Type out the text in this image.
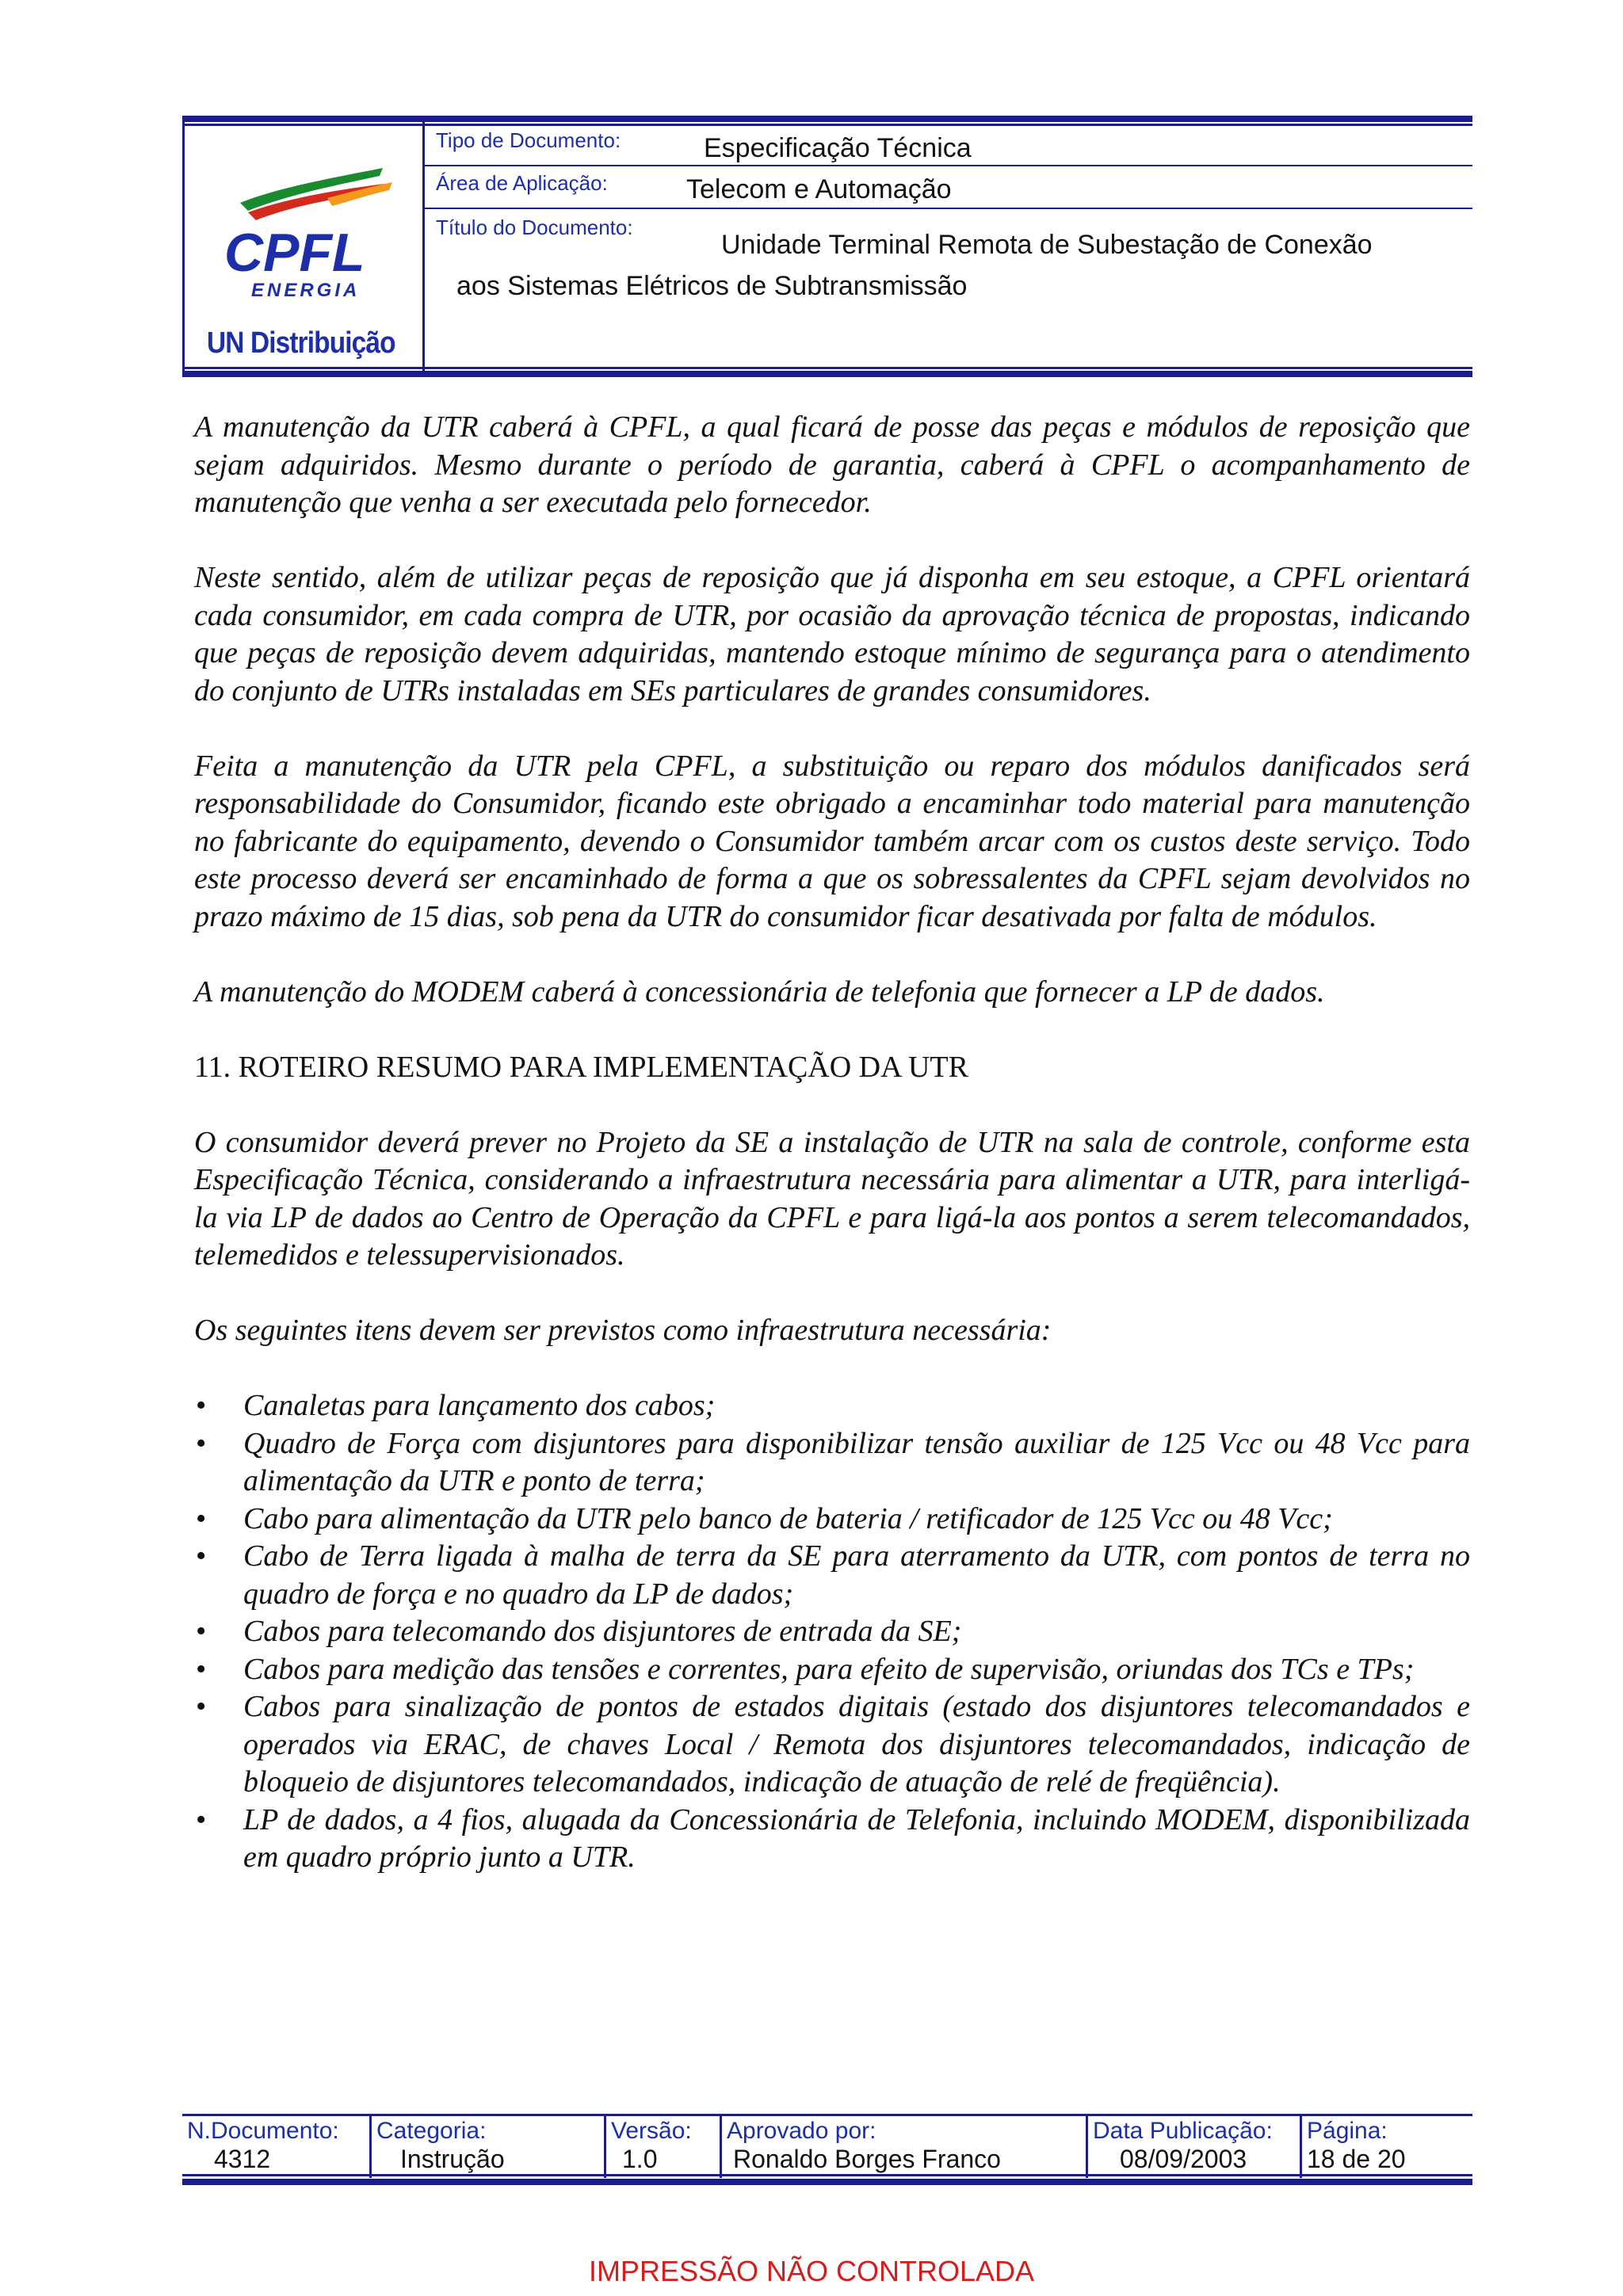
CPFL
ENERGIA
UN Distribuição
Tipo de Documento:	Especificação Técnica
Área de Aplicação:	Telecom e Automação
Título do Documento:
Unidade Terminal Remota de Subestação de Conexão
aos Sistemas Elétricos de Subtransmissão

A manutenção da UTR caberá à CPFL, a qual ficará de posse das peças e módulos de reposição que sejam adquiridos. Mesmo durante o período de garantia, caberá à CPFL o acompanhamento de manutenção que venha a ser executada pelo fornecedor.

Neste sentido, além de utilizar peças de reposição que já disponha em seu estoque, a CPFL orientará cada consumidor, em cada compra de UTR, por ocasião da aprovação técnica de propostas, indicando que peças de reposição devem adquiridas, mantendo estoque mínimo de segurança para o atendimento do conjunto de UTRs instaladas em SEs particulares de grandes consumidores.

Feita a manutenção da UTR pela CPFL, a substituição ou reparo dos módulos danificados será responsabilidade do Consumidor, ficando este obrigado a encaminhar todo material para manutenção no fabricante do equipamento, devendo o Consumidor também arcar com os custos deste serviço. Todo este processo deverá ser encaminhado de forma a que os sobressalentes da CPFL sejam devolvidos no prazo máximo de 15 dias, sob pena da UTR do consumidor ficar desativada por falta de módulos.

A manutenção do MODEM caberá à concessionária de telefonia que fornecer a LP de dados.

11. ROTEIRO RESUMO PARA IMPLEMENTAÇÃO DA UTR

O consumidor deverá prever no Projeto da SE a instalação de UTR na sala de controle, conforme esta Especificação Técnica, considerando a infraestrutura necessária para alimentar a UTR, para interligá-la via LP de dados ao Centro de Operação da CPFL e para ligá-la aos pontos a serem telecomandados, telemedidos e telessupervisionados.

Os seguintes itens devem ser previstos como infraestrutura necessária:

• Canaletas para lançamento dos cabos;
• Quadro de Força com disjuntores para disponibilizar tensão auxiliar de 125 Vcc ou 48 Vcc para alimentação da UTR e ponto de terra;
• Cabo para alimentação da UTR pelo banco de bateria / retificador de 125 Vcc ou 48 Vcc;
• Cabo de Terra ligada à malha de terra da SE para aterramento da UTR, com pontos de terra no quadro de força e no quadro da LP de dados;
• Cabos para telecomando dos disjuntores de entrada da SE;
• Cabos para medição das tensões e correntes, para efeito de supervisão, oriundas dos TCs e TPs;
• Cabos para sinalização de pontos de estados digitais (estado dos disjuntores telecomandados e operados via ERAC, de chaves Local / Remota dos disjuntores telecomandados, indicação de bloqueio de disjuntores telecomandados, indicação de atuação de relé de freqüência).
• LP de dados, a 4 fios, alugada da Concessionária de Telefonia, incluindo MODEM, disponibilizada em quadro próprio junto a UTR.
N.Documento:
4312
Categoria:
Instrução
Versão:
1.0
Aprovado por:
Ronaldo Borges Franco
Data Publicação:
08/09/2003
Página:
18 de 20
IMPRESSÃO NÃO CONTROLADA
